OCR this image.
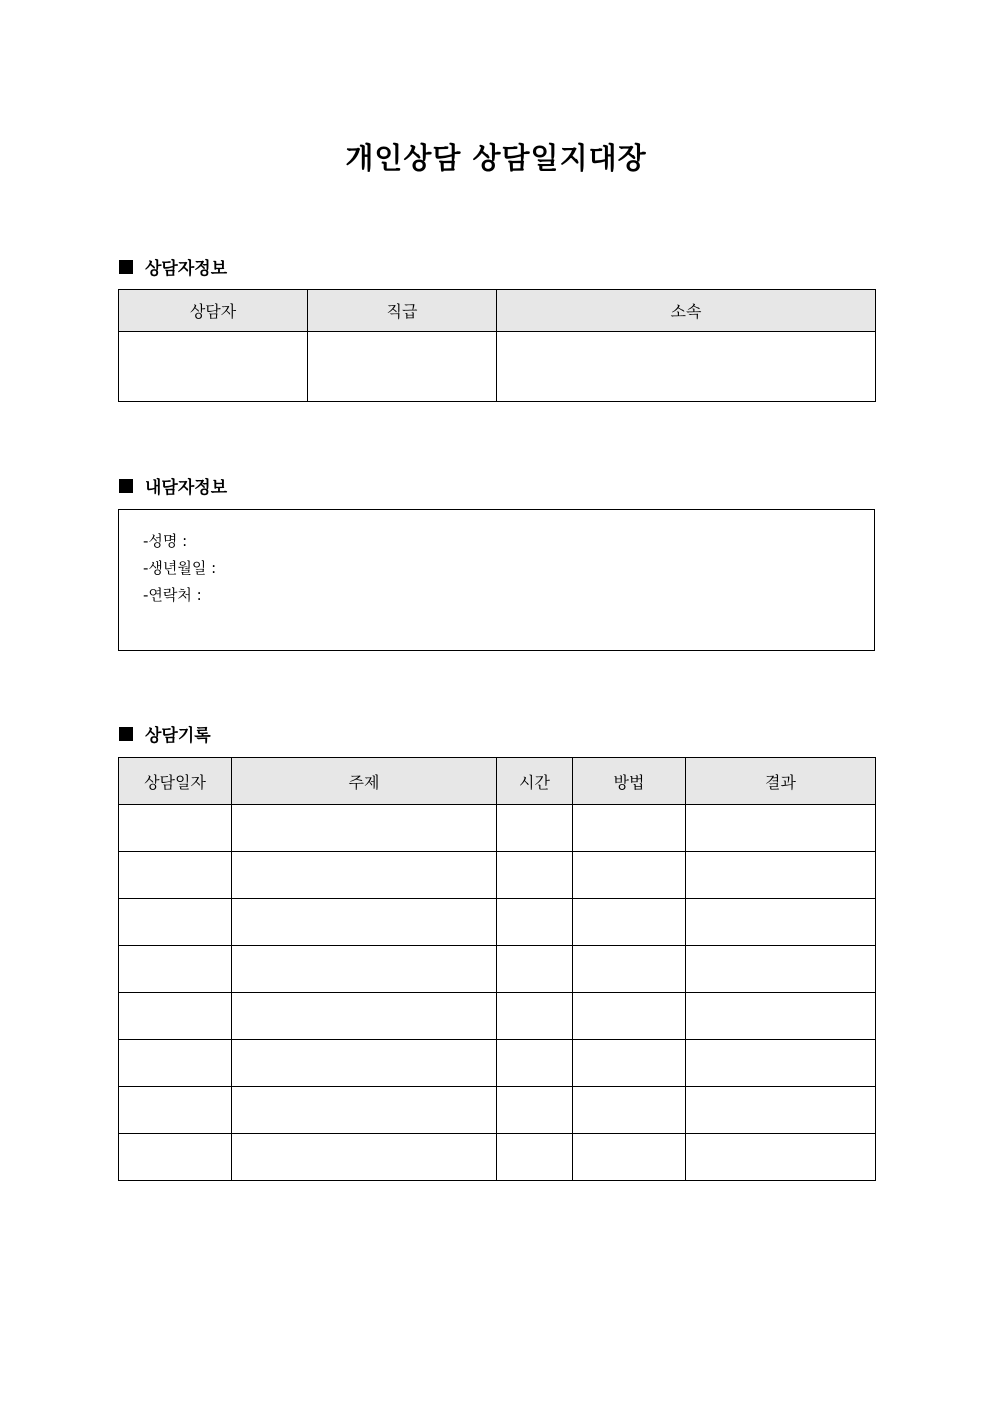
개인상담 상담일지대장
상담자정보
상담자	직급	소속

내담자정보
-성명 :
-생년월일 :
-연락처 :
상담기록
상담일자	주제	시간	방법	결과
